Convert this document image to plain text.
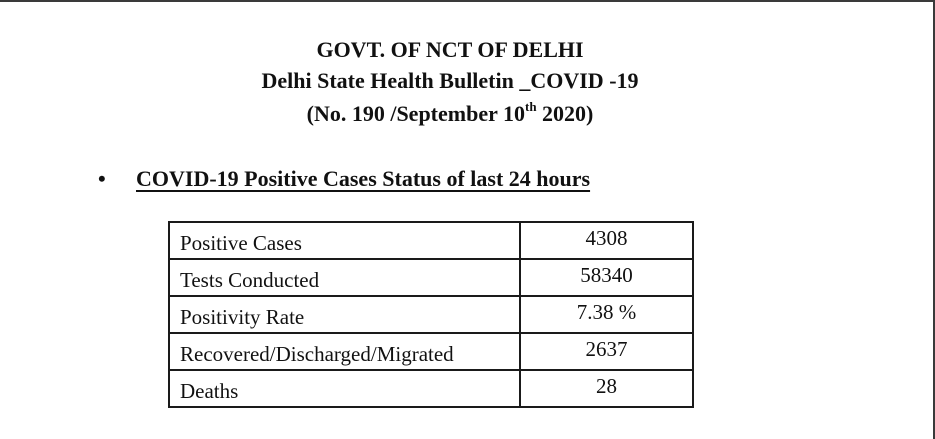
GOVT. OF NCT OF DELHI
Delhi State Health Bulletin _COVID -19
(No. 190 /September 10th 2020)
• COVID-19 Positive Cases Status of last 24 hours
Positive Cases	4308
Tests Conducted	58340
Positivity Rate	7.38 %
Recovered/Discharged/Migrated	2637
Deaths	28
